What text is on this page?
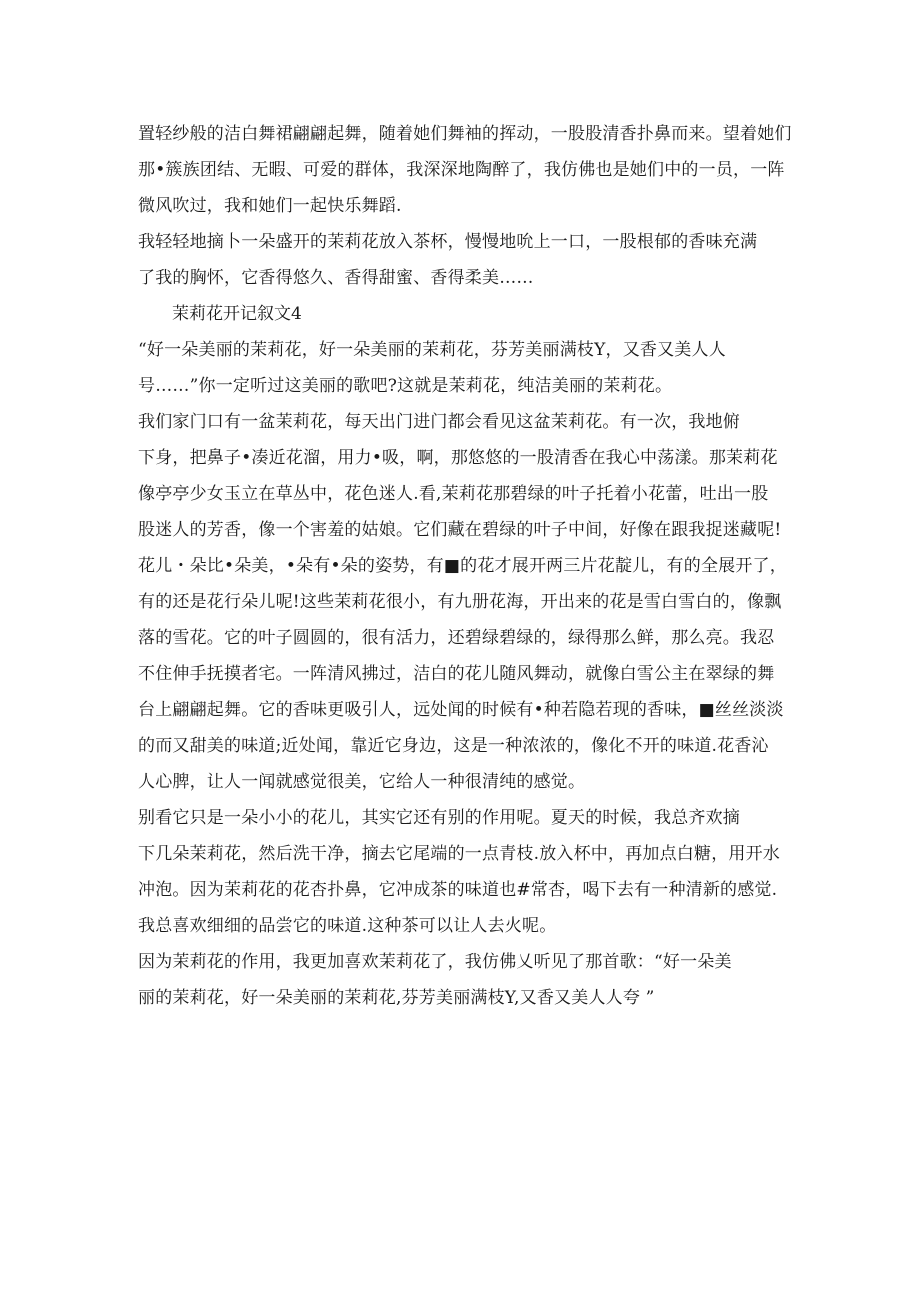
置轻纱般的洁白舞裙翩翩起舞，随着她们舞袖的挥动，一股股清香扑鼻而来。望着她们
那•簇族团结、无暇、可爱的群体，我深深地陶醉了，我仿佛也是她们中的一员，一阵
微风吹过，我和她们一起快乐舞蹈.
我轻轻地摘卜一朵盛开的茉莉花放入茶杯，慢慢地吮上一口，一股根郁的香味充满
了我的胸怀，它香得悠久、香得甜蜜、香得柔美……
茉莉花开记叙文4
“好一朵美丽的茉莉花，好一朵美丽的茉莉花，芬芳美丽满枝Y，又香又美人人
号……”你一定听过这美丽的歌吧?这就是茉莉花，纯洁美丽的茉莉花。
我们家门口有一盆茉莉花，每天出门进门都会看见这盆茉莉花。有一次，我地俯
下身，把鼻子•凑近花溜，用力•吸，啊，那悠悠的一股清香在我心中荡漾。那茉莉花
像亭亭少女玉立在草丛中，花色迷人.看,茉莉花那碧绿的叶子托着小花蕾，吐出一股
股迷人的芳香，像一个害羞的姑娘。它们藏在碧绿的叶子中间，好像在跟我捉迷藏呢!
花儿・朵比•朵美，•朵有•朵的姿势，有■的花才展开两三片花靛儿，有的全展开了，
有的还是花行朵儿呢!这些茉莉花很小，有九册花海，开出来的花是雪白雪白的，像飘
落的雪花。它的叶子圆圆的，很有活力，还碧绿碧绿的，绿得那么鲜，那么亮。我忍
不住伸手抚摸者宅。一阵清风拂过，洁白的花儿随风舞动，就像白雪公主在翠绿的舞
台上翩翩起舞。它的香味更吸引人，远处闻的时候有•种若隐若现的香味，■丝丝淡淡
的而又甜美的味道;近处闻，靠近它身边，这是一种浓浓的，像化不开的味道.花香沁
人心脾，让人一闻就感觉很美，它给人一种很清纯的感觉。
别看它只是一朵小小的花儿，其实它还有别的作用呢。夏天的时候，我总齐欢摘
下几朵茉莉花，然后洗干净，摘去它尾端的一点青枝.放入杯中，再加点白糖，用开水
冲泡。因为茉莉花的花杏扑鼻，它冲成茶的味道也#常杏，喝下去有一种清新的感觉.
我总喜欢细细的品尝它的味道.这种茶可以让人去火呢。
因为茉莉花的作用，我更加喜欢茉莉花了，我仿佛乂听见了那首歌：“好一朵美
丽的茉莉花，好一朵美丽的茉莉花,芬芳美丽满枝Y,又香又美人人夸 ”
